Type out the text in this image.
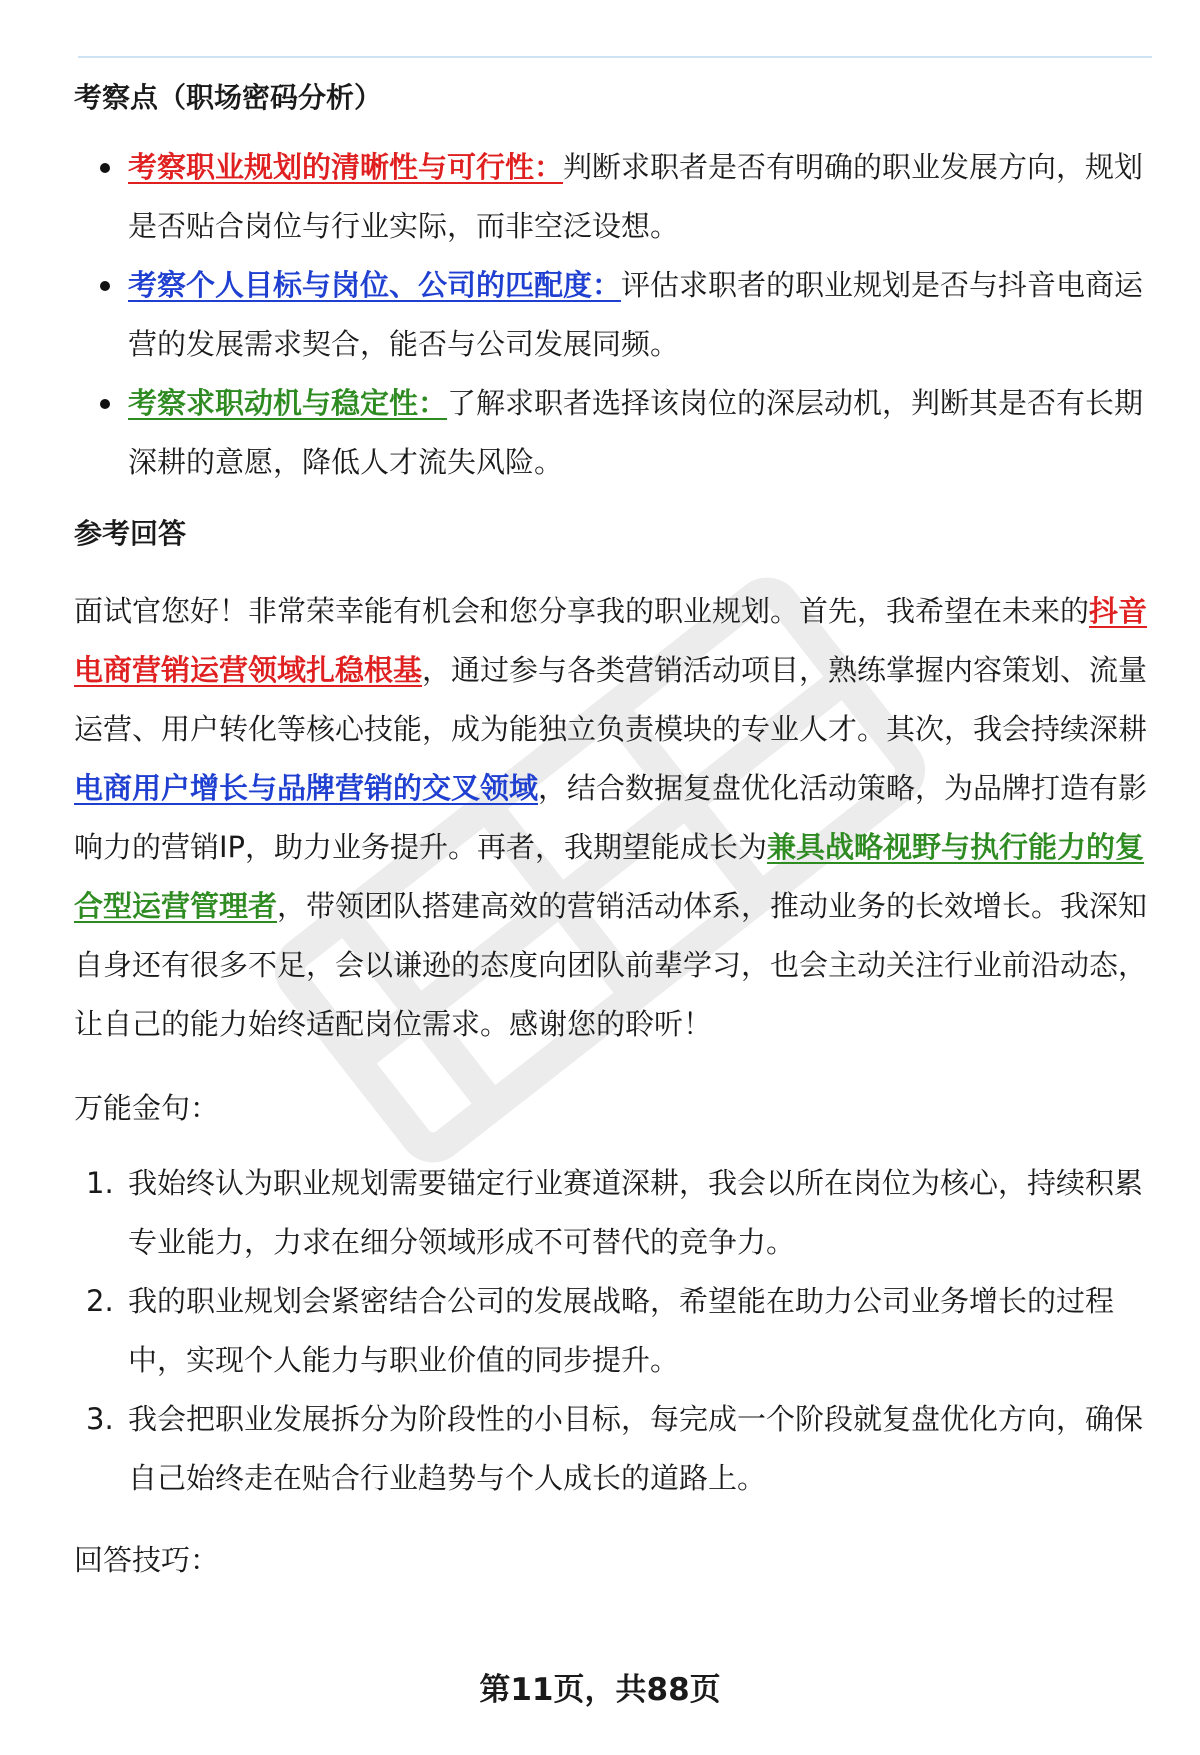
考察点（职场密码分析）
考察职业规划的清晰性与可行性：判断求职者是否有明确的职业发展方向，规划是否贴合岗位与行业实际，而非空泛设想。
考察个人目标与岗位、公司的匹配度：评估求职者的职业规划是否与抖音电商运营的发展需求契合，能否与公司发展同频。
考察求职动机与稳定性：了解求职者选择该岗位的深层动机，判断其是否有长期深耕的意愿，降低人才流失风险。
参考回答

面试官您好！非常荣幸能有机会和您分享我的职业规划。首先，我希望在未来的抖音电商营销运营领域扎稳根基，通过参与各类营销活动项目，熟练掌握内容策划、流量运营、用户转化等核心技能，成为能独立负责模块的专业人才。其次，我会持续深耕电商用户增长与品牌营销的交叉领域，结合数据复盘优化活动策略，为品牌打造有影响力的营销IP，助力业务提升。再者，我期望能成长为兼具战略视野与执行能力的复合型运营管理者，带领团队搭建高效的营销活动体系，推动业务的长效增长。我深知自身还有很多不足，会以谦逊的态度向团队前辈学习，也会主动关注行业前沿动态，让自己的能力始终适配岗位需求。感谢您的聆听！

万能金句：
1. 我始终认为职业规划需要锚定行业赛道深耕，我会以所在岗位为核心，持续积累专业能力，力求在细分领域形成不可替代的竞争力。
2. 我的职业规划会紧密结合公司的发展战略，希望能在助力公司业务增长的过程中，实现个人能力与职业价值的同步提升。
3. 我会把职业发展拆分为阶段性的小目标，每完成一个阶段就复盘优化方向，确保自己始终走在贴合行业趋势与个人成长的道路上。
回答技巧：
第11页，共88页
